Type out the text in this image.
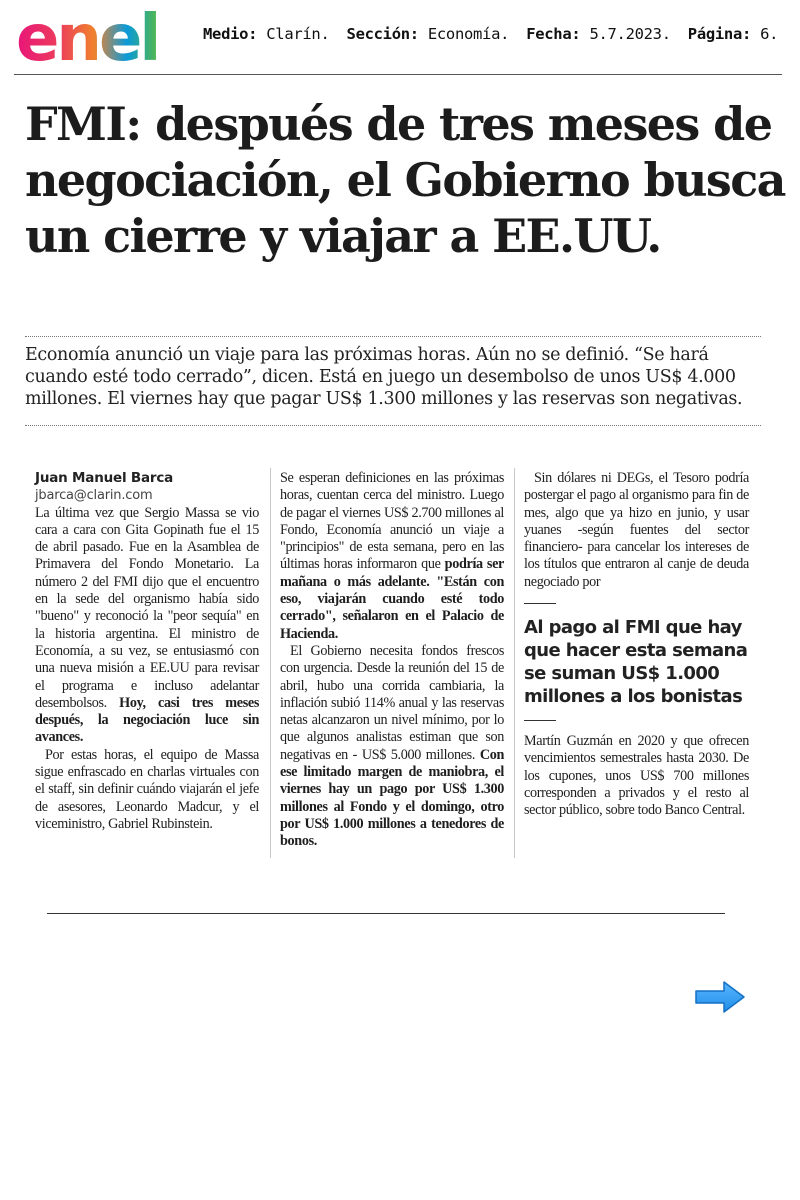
enel	Medio: Clarín. Sección: Economía. Fecha: 5.7.2023. Página: 6.
FMI: después de tres meses de negociación, el Gobierno busca un cierre y viajar a EE.UU.

Economía anunció un viaje para las próximas horas. Aún no se definió. “Se hará cuando esté todo cerrado”, dicen. Está en juego un desembolso de unos US$ 4.000 millones. El viernes hay que pagar US$ 1.300 millones y las reservas son negativas.

Juan Manuel Barca

jbarca@clarin.com

La última vez que Sergio Massa se vio cara a cara con Gita Gopinath fue el 15 de abril pasado. Fue en la Asamblea de Primavera del Fondo Monetario. La número 2 del FMI dijo que el encuentro en la sede del organismo había sido "bueno" y reconoció la "peor sequía" en la historia argentina. El ministro de Economía, a su vez, se entusiasmó con una nueva misión a EE.UU para revisar el programa e incluso adelantar desembolsos. Hoy, casi tres meses después, la negociación luce sin avances.

Por estas horas, el equipo de Massa sigue enfrascado en charlas virtuales con el staff, sin definir cuándo viajarán el jefe de asesores, Leonardo Madcur, y el viceministro, Gabriel Rubinstein.

Se esperan definiciones en las próximas horas, cuentan cerca del ministro. Luego de pagar el viernes US$ 2.700 millones al Fondo, Economía anunció un viaje a "principios" de esta semana, pero en las últimas horas informaron que podría ser mañana o más adelante. "Están con eso, viajarán cuando esté todo cerrado", señalaron en el Palacio de Hacienda.

El Gobierno necesita fondos frescos con urgencia. Desde la reunión del 15 de abril, hubo una corrida cambiaria, la inflación subió 114% anual y las reservas netas alcanzaron un nivel mínimo, por lo que algunos analistas estiman que son negativas en - US$ 5.000 millones. Con ese limitado margen de maniobra, el viernes hay un pago por US$ 1.300 millones al Fondo y el domingo, otro por US$ 1.000 millones a tenedores de bonos.

Sin dólares ni DEGs, el Tesoro podría postergar el pago al organismo para fin de mes, algo que ya hizo en junio, y usar yuanes -según fuentes del sector financiero- para cancelar los intereses de los títulos que entraron al canje de deuda negociado por

Al pago al FMI que hay que hacer esta semana se suman US$ 1.000 millones a los bonistas

Martín Guzmán en 2020 y que ofrecen vencimientos semestrales hasta 2030. De los cupones, unos US$ 700 millones corresponden a privados y el resto al sector público, sobre todo Banco Central.
